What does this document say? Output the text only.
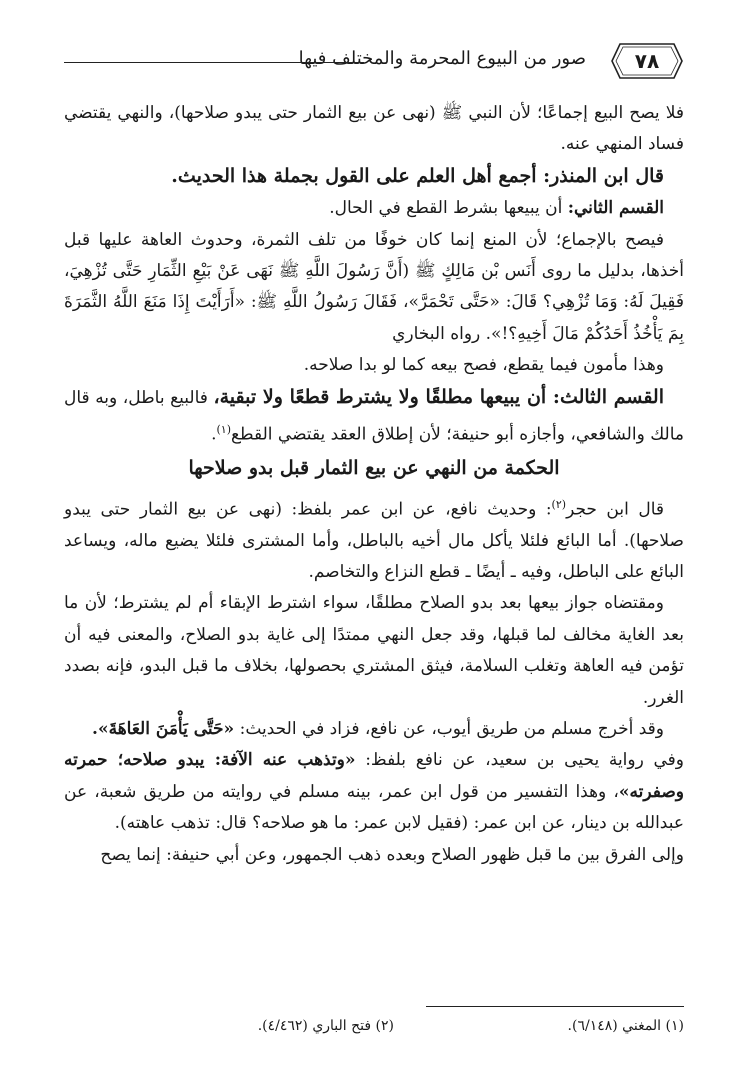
٧٨
صور من البيوع المحرمة والمختلف فيها

فلا يصح البيع إجماعًا؛ لأن النبي ﷺ (نهى عن بيع الثمار حتى يبدو صلاحها)، والنهي يقتضي فساد المنهي عنه.

قال ابن المنذر: أجمع أهل العلم على القول بجملة هذا الحديث.

القسم الثاني: أن يبيعها بشرط القطع في الحال.

فيصح بالإجماع؛ لأن المنع إنما كان خوفًا من تلف الثمرة، وحدوث العاهة عليها قبل أخذها، بدليل ما روى أَنَس بْن مَالِكٍ ﷺ (أَنَّ رَسُولَ اللَّهِ ﷺ نَهَى عَنْ بَيْعِ الثِّمَارِ حَتَّى تُزْهِيَ، فَقِيلَ لَهُ: وَمَا تُزْهِي؟ قَالَ: «حَتَّى تَحْمَرَّ»، فَقَالَ رَسُولُ اللَّهِ ﷺ: «أَرَأَيْتَ إِذَا مَنَعَ اللَّهُ الثَّمَرَةَ بِمَ يَأْخُذُ أَحَدُكُمْ مَالَ أَخِيهِ؟!». رواه البخاري

وهذا مأمون فيما يقطع، فصح بيعه كما لو بدا صلاحه.

القسم الثالث: أن يبيعها مطلقًا ولا يشترط قطعًا ولا تبقية، فالبيع باطل، وبه قال مالك والشافعي، وأجازه أبو حنيفة؛ لأن إطلاق العقد يقتضي القطع$^{(١)}$.

الحكمة من النهي عن بيع الثمار قبل بدو صلاحها

قال ابن حجر$^{(٢)}$: وحديث نافع، عن ابن عمر بلفظ: (نهى عن بيع الثمار حتى يبدو صلاحها). أما البائع فلئلا يأكل مال أخيه بالباطل، وأما المشترى فلئلا يضيع ماله، ويساعد البائع على الباطل، وفيه ـ أيضًا ـ قطع النزاع والتخاصم.

ومقتضاه جواز بيعها بعد بدو الصلاح مطلقًا، سواء اشترط الإبقاء أم لم يشترط؛ لأن ما بعد الغاية مخالف لما قبلها، وقد جعل النهي ممتدًا إلى غاية بدو الصلاح، والمعنى فيه أن تؤمن فيه العاهة وتغلب السلامة، فيثق المشتري بحصولها، بخلاف ما قبل البدو، فإنه بصدد الغرر.

وقد أخرج مسلم من طريق أيوب، عن نافع، فزاد في الحديث: «حَتَّى يَأْمَنَ العَاهَةَ».

وفي رواية يحيى بن سعيد، عن نافع بلفظ: «وتذهب عنه الآفة: يبدو صلاحه؛ حمرته وصفرته»، وهذا التفسير من قول ابن عمر، بينه مسلم في روايته من طريق شعبة، عن عبدالله بن دينار، عن ابن عمر: (فقيل لابن عمر: ما هو صلاحه؟ قال: تذهب عاهته).

وإلى الفرق بين ما قبل ظهور الصلاح وبعده ذهب الجمهور، وعن أبي حنيفة: إنما يصح

(١) المغني (٦/١٤٨).
(٢) فتح الباري (٤/٤٦٢).
